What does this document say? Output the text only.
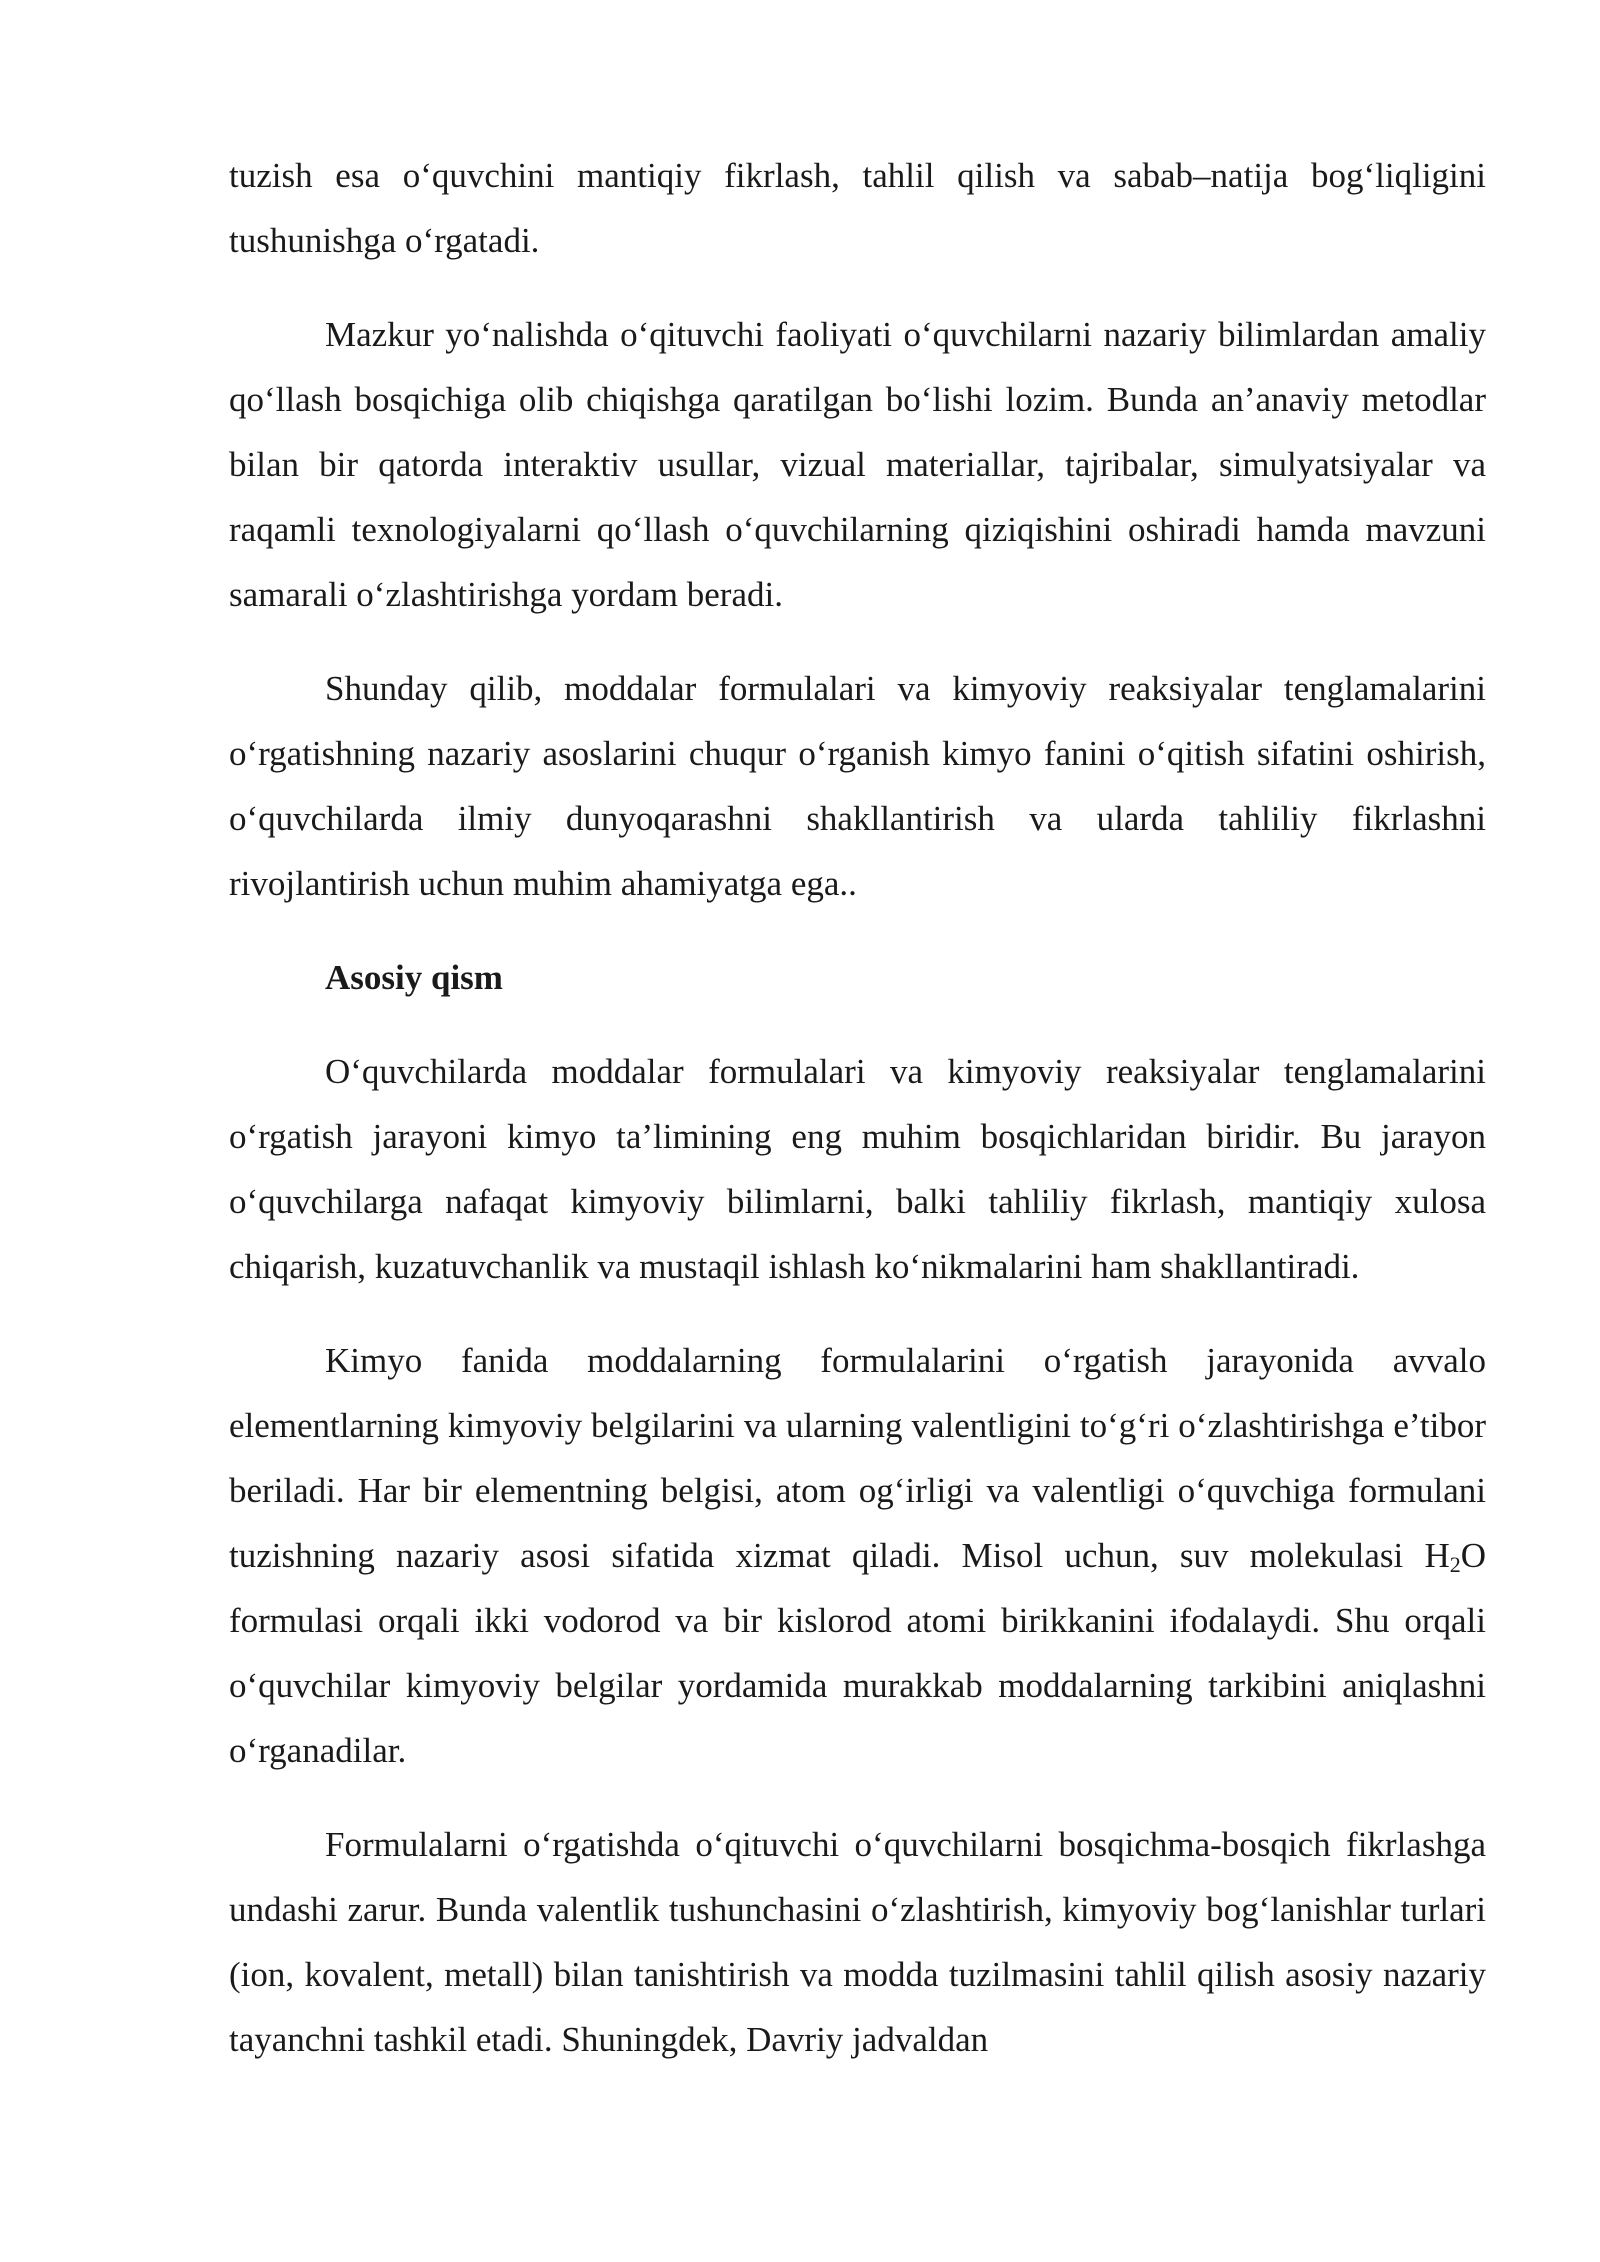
tuzish esa oʻquvchini mantiqiy fikrlash, tahlil qilish va sabab–natija bogʻliqligini tushunishga oʻrgatadi.

Mazkur yoʻnalishda oʻqituvchi faoliyati oʻquvchilarni nazariy bilimlardan amaliy qoʻllash bosqichiga olib chiqishga qaratilgan boʻlishi lozim. Bunda an’anaviy metodlar bilan bir qatorda interaktiv usullar, vizual materiallar, tajribalar, simulyatsiyalar va raqamli texnologiyalarni qoʻllash oʻquvchilarning qiziqishini oshiradi hamda mavzuni samarali oʻzlashtirishga yordam beradi.

Shunday qilib, moddalar formulalari va kimyoviy reaksiyalar tenglamalarini oʻrgatishning nazariy asoslarini chuqur oʻrganish kimyo fanini oʻqitish sifatini oshirish, oʻquvchilarda ilmiy dunyoqarashni shakllantirish va ularda tahliliy fikrlashni rivojlantirish uchun muhim ahamiyatga ega..

Asosiy qism

Oʻquvchilarda moddalar formulalari va kimyoviy reaksiyalar tenglamalarini oʻrgatish jarayoni kimyo ta’limining eng muhim bosqichlaridan biridir. Bu jarayon oʻquvchilarga nafaqat kimyoviy bilimlarni, balki tahliliy fikrlash, mantiqiy xulosa chiqarish, kuzatuvchanlik va mustaqil ishlash koʻnikmalarini ham shakllantiradi.

Kimyo fanida moddalarning formulalarini oʻrgatish jarayonida avvalo elementlarning kimyoviy belgilarini va ularning valentligini toʻgʻri oʻzlashtirishga e’tibor beriladi. Har bir elementning belgisi, atom ogʻirligi va valentligi oʻquvchiga formulani tuzishning nazariy asosi sifatida xizmat qiladi. Misol uchun, suv molekulasi $H_2O$ formulasi orqali ikki vodorod va bir kislorod atomi birikkanini ifodalaydi. Shu orqali oʻquvchilar kimyoviy belgilar yordamida murakkab moddalarning tarkibini aniqlashni oʻrganadilar.

Formulalarni oʻrgatishda oʻqituvchi oʻquvchilarni bosqichma-bosqich fikrlashga undashi zarur. Bunda valentlik tushunchasini oʻzlashtirish, kimyoviy bogʻlanishlar turlari (ion, kovalent, metall) bilan tanishtirish va modda tuzilmasini tahlil qilish asosiy nazariy tayanchni tashkil etadi. Shuningdek, Davriy jadvaldan
